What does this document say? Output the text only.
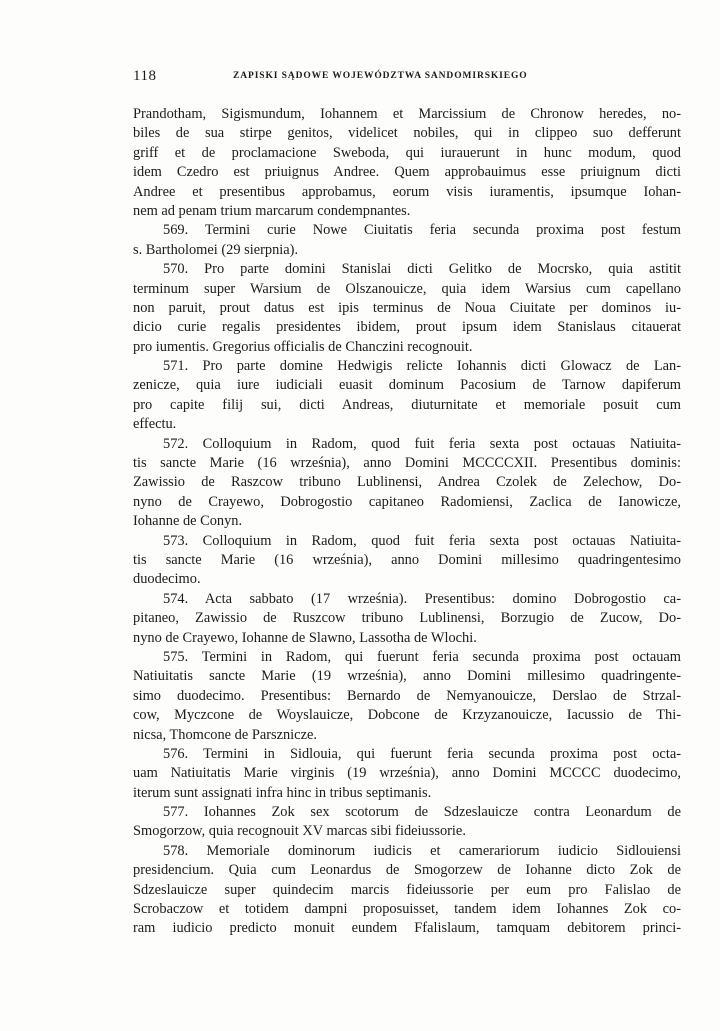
118	ZAPISKI SĄDOWE WOJEWÓDZTWA SANDOMIRSKIEGO
Prandotham, Sigismundum, Iohannem et Marcissium de Chronow heredes, no-
biles de sua stirpe genitos, videlicet nobiles, qui in clippeo suo defferunt
griff et de proclamacione Sweboda, qui iurauerunt in hunc modum, quod
idem Czedro est priuignus Andree. Quem approbauimus esse priuignum dicti
Andree et presentibus approbamus, eorum visis iuramentis, ipsumque Iohan-
nem ad penam trium marcarum condempnantes.
569. Termini curie Nowe Ciuitatis feria secunda proxima post festum
s. Bartholomei (29 sierpnia).
570. Pro parte domini Stanislai dicti Gelitko de Mocrsko, quia astitit
terminum super Warsium de Olszanouicze, quia idem Warsius cum capellano
non paruit, prout datus est ipis terminus de Noua Ciuitate per dominos iu-
dicio curie regalis presidentes ibidem, prout ipsum idem Stanislaus citauerat
pro iumentis. Gregorius officialis de Chanczini recognouit.
571. Pro parte domine Hedwigis relicte Iohannis dicti Glowacz de Lan-
zenicze, quia iure iudiciali euasit dominum Pacosium de Tarnow dapiferum
pro capite filij sui, dicti Andreas, diuturnitate et memoriale posuit cum
effectu.
572. Colloquium in Radom, quod fuit feria sexta post octauas Natiuita-
tis sancte Marie (16 września), anno Domini MCCCCXII. Presentibus dominis:
Zawissio de Raszcow tribuno Lublinensi, Andrea Czolek de Zelechow, Do-
nyno de Crayewo, Dobrogostio capitaneo Radomiensi, Zaclica de Ianowicze,
Iohanne de Conyn.
573. Colloquium in Radom, quod fuit feria sexta post octauas Natiuita-
tis sancte Marie (16 września), anno Domini millesimo quadringentesimo
duodecimo.
574. Acta sabbato (17 września). Presentibus: domino Dobrogostio ca-
pitaneo, Zawissio de Ruszcow tribuno Lublinensi, Borzugio de Zucow, Do-
nyno de Crayewo, Iohanne de Slawno, Lassotha de Wlochi.
575. Termini in Radom, qui fuerunt feria secunda proxima post octauam
Natiuitatis sancte Marie (19 września), anno Domini millesimo quadringente-
simo duodecimo. Presentibus: Bernardo de Nemyanouicze, Derslao de Strzal-
cow, Myczcone de Woyslauicze, Dobcone de Krzyzanouicze, Iacussio de Thi-
nicsa, Thomcone de Parsznicze.
576. Termini in Sidlouia, qui fuerunt feria secunda proxima post octa-
uam Natiuitatis Marie virginis (19 września), anno Domini MCCCC duodecimo,
iterum sunt assignati infra hinc in tribus septimanis.
577. Iohannes Zok sex scotorum de Sdzeslauicze contra Leonardum de
Smogorzow, quia recognouit XV marcas sibi fideiussorie.
578. Memoriale dominorum iudicis et camerariorum iudicio Sidlouiensi
presidencium. Quia cum Leonardus de Smogorzew de Iohanne dicto Zok de
Sdzeslauicze super quindecim marcis fideiussorie per eum pro Falislao de
Scrobaczow et totidem dampni proposuisset, tandem idem Iohannes Zok co-
ram iudicio predicto monuit eundem Ffalislaum, tamquam debitorem princi-
